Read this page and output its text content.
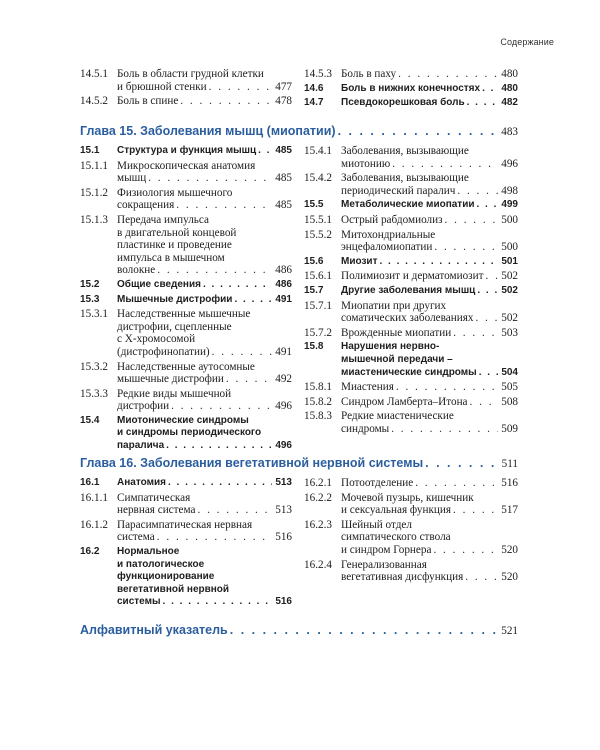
Содержание
14.5.1 Боль в области грудной клетки
и брюшной стенки . . .	477
14.5.2 Боль в спине . . .	478
14.5.3 Боль в паху . . .	480
14.6	Боль в нижних конечностях . . .	480
14.7	Псевдокорешковая боль . . .	482
Глава 15. Заболевания мышц (миопатии) . . .	483
15.1	Структура и функция мышц . . .	485
15.1.1 Микроскопическая анатомия
мышц . . .	485
15.1.2 Физиология мышечного
сокращения . . .	485
15.1.3 Передача импульса
в двигательной концевой
пластинке и проведение
импульса в мышечном
волокне . . .	486
15.2	Общие сведения . . .	486
15.3	Мышечные дистрофии . . .	491
15.3.1 Наследственные мышечные
дистрофии, сцепленные
с Х-хромосомой
(дистрофинопатии) . . .	491
15.3.2 Наследственные аутосомные
мышечные дистрофии . . .	492
15.3.3 Редкие виды мышечной
дистрофии . . .	496
15.4	Миотонические синдромы
и синдромы периодического
паралича . . .	496
15.4.1 Заболевания, вызывающие
миотонию . . .	496
15.4.2 Заболевания, вызывающие
периодический паралич . . .	498
15.5	Метаболические миопатии . . .	499
15.5.1 Острый рабдомиолиз . . .	500
15.5.2 Митохондриальные
энцефаломиопатии . . .	500
15.6	Миозит . . .	501
15.6.1 Полимиозит и дерматомиозит . . . 502
15.7	Другие заболевания мышц . . .	502
15.7.1 Миопатии при других
соматических заболеваниях . . . 502
15.7.2 Врожденные миопатии . . .	503
15.8	Нарушения нервно-
мышечной передачи –
миастенические синдромы . . .	504
15.8.1 Миастения . . .	505
15.8.2 Синдром Ламберта–Итона . . .	508
15.8.3 Редкие миастенические
синдромы . . .	509
Глава 16. Заболевания вегетативной нервной системы . . .	511
16.1	Анатомия . . .	513
16.1.1 Симпатическая
нервная система . . .	513
16.1.2 Парасимпатическая нервная
система . . .	516
16.2	Нормальное
и патологическое
функционирование
вегетативной нервной
системы . . .	516
16.2.1 Потоотделение . . .	516
16.2.2 Мочевой пузырь, кишечник
и сексуальная функция . . .	517
16.2.3 Шейный отдел
симпатического ствола
и синдром Горнера . . .	520
16.2.4 Генерализованная
вегетативная дисфункция . . .	520
Алфавитный указатель . . .	521
